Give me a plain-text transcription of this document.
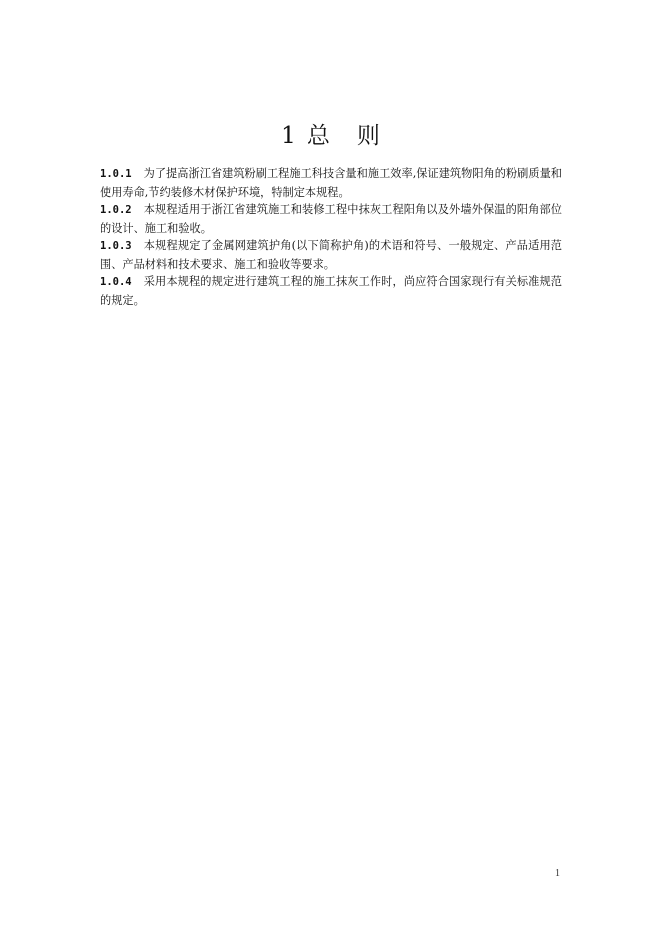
1 总 则

1.0.1 为了提高浙江省建筑粉刷工程施工科技含量和施工效率,保证建筑物阳角的粉刷质量和使用寿命,节约装修木材保护环境，特制定本规程。

1.0.2 本规程适用于浙江省建筑施工和装修工程中抹灰工程阳角以及外墙外保温的阳角部位的设计、施工和验收。

1.0.3 本规程规定了金属网建筑护角(以下简称护角)的术语和符号、一般规定、产品适用范围、产品材料和技术要求、施工和验收等要求。

1.0.4 采用本规程的规定进行建筑工程的施工抹灰工作时，尚应符合国家现行有关标准规范的规定。

1
